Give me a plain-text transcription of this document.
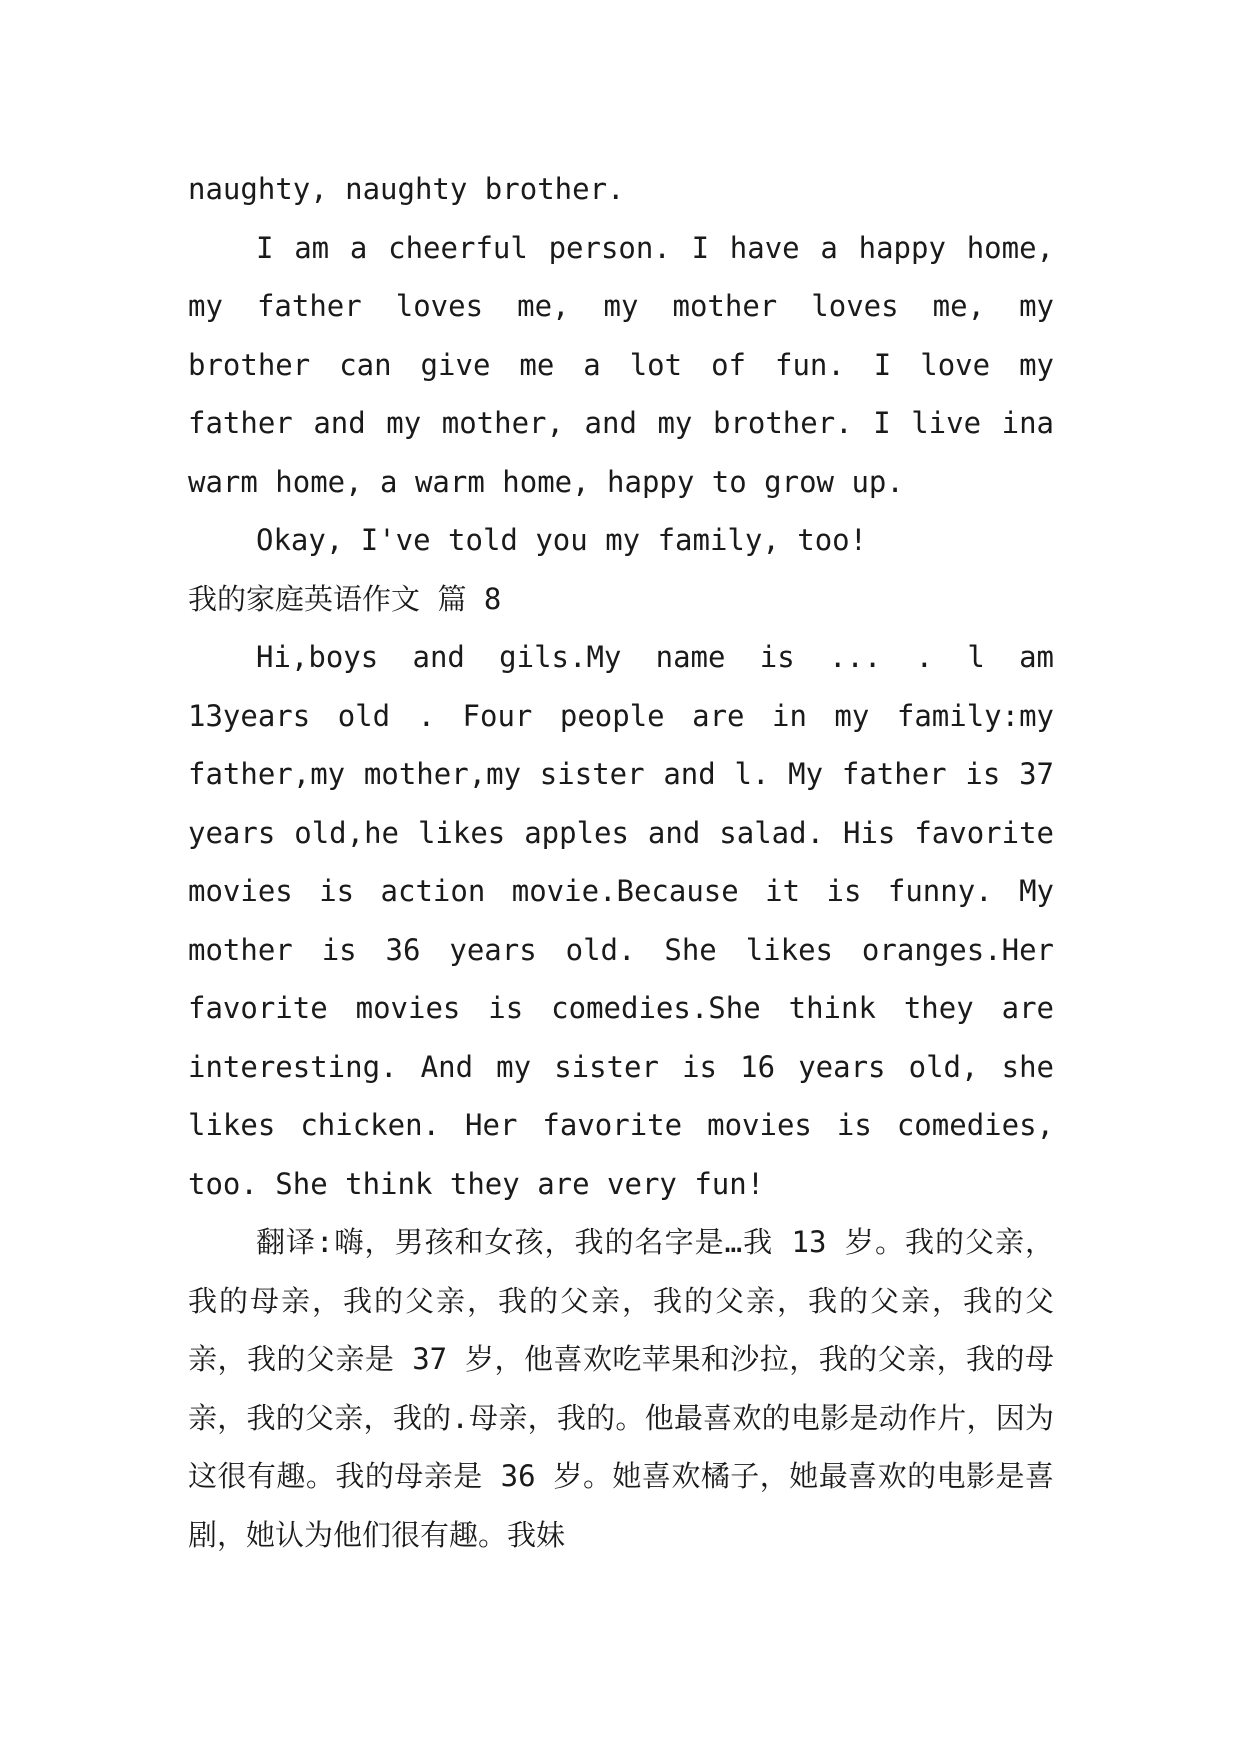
naughty, naughty brother.

I am a cheerful person. I have a happy home, my father loves me, my mother loves me, my brother can give me a lot of fun. I love my father and my mother, and my brother. I live ina warm home, a warm home, happy to grow up.

Okay, I've told you my family, too!

我的家庭英语作文 篇 8

Hi,boys and gils.My name is ... . l am 13years old . Four people are in my family:my father,my mother,my sister and l. My father is 37 years old,he likes apples and salad. His favorite movies is action movie.Because it is funny. My mother is 36 years old. She likes oranges.Her favorite movies is comedies.She think they are interesting. And my sister is 16 years old, she likes chicken. Her favorite movies is comedies, too. She think they are very fun!

翻译:嗨，男孩和女孩，我的名字是…我 13 岁。我的父亲，我的母亲，我的父亲，我的父亲，我的父亲，我的父亲，我的父亲，我的父亲是 37 岁，他喜欢吃苹果和沙拉，我的父亲，我的母亲，我的父亲，我的.母亲，我的。他最喜欢的电影是动作片，因为这很有趣。我的母亲是 36 岁。她喜欢橘子，她最喜欢的电影是喜剧，她认为他们很有趣。我妹
